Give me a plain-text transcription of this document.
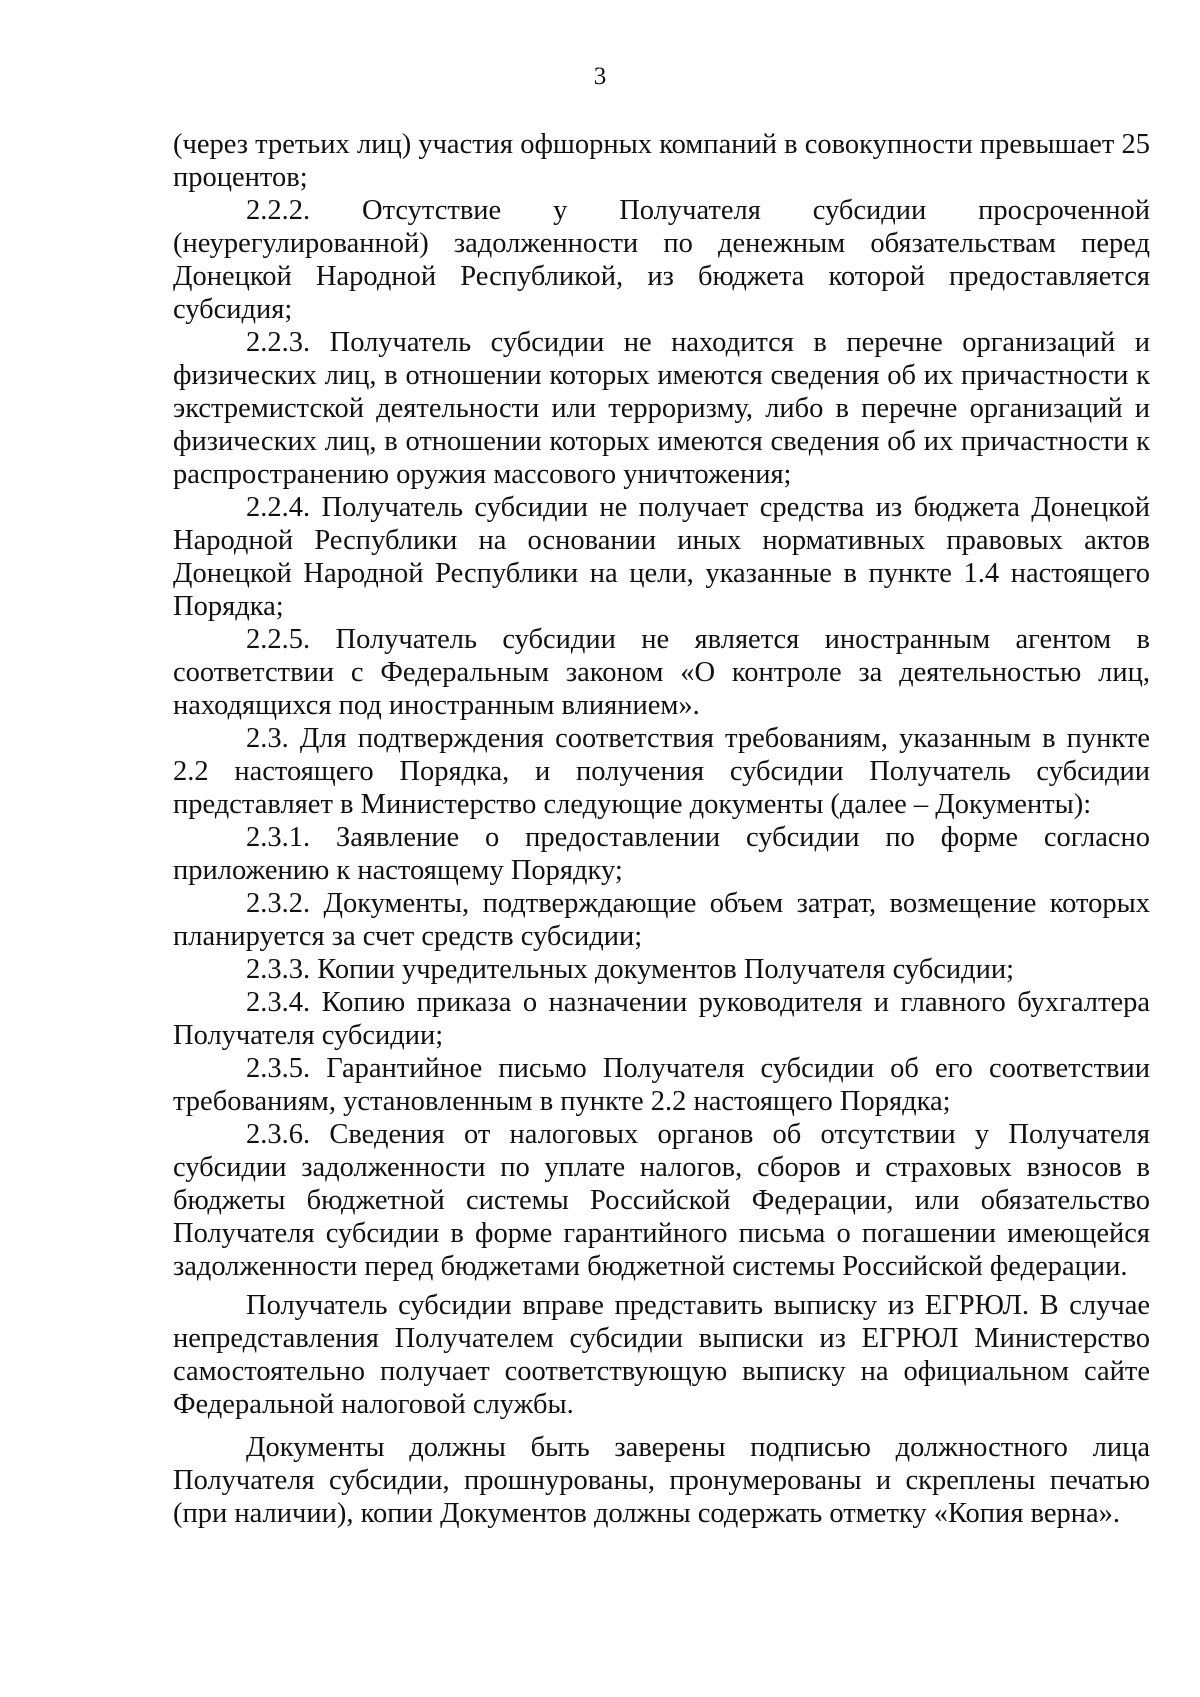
3

(через третьих лиц) участия офшорных компаний в совокупности превышает 25 процентов;

2.2.2. Отсутствие у Получателя субсидии просроченной (неурегулированной) задолженности по денежным обязательствам перед Донецкой Народной Республикой, из бюджета которой предоставляется субсидия;

2.2.3. Получатель субсидии не находится в перечне организаций и физических лиц, в отношении которых имеются сведения об их причастности к экстремистской деятельности или терроризму, либо в перечне организаций и физических лиц, в отношении которых имеются сведения об их причастности к распространению оружия массового уничтожения;

2.2.4. Получатель субсидии не получает средства из бюджета Донецкой Народной Республики на основании иных нормативных правовых актов Донецкой Народной Республики на цели, указанные в пункте 1.4 настоящего Порядка;

2.2.5. Получатель субсидии не является иностранным агентом в соответствии с Федеральным законом «О контроле за деятельностью лиц, находящихся под иностранным влиянием».

2.3. Для подтверждения соответствия требованиям, указанным в пункте 2.2 настоящего Порядка, и получения субсидии Получатель субсидии представляет в Министерство следующие документы (далее – Документы):

2.3.1. Заявление о предоставлении субсидии по форме согласно приложению к настоящему Порядку;

2.3.2. Документы, подтверждающие объем затрат, возмещение которых планируется за счет средств субсидии;

2.3.3. Копии учредительных документов Получателя субсидии;

2.3.4. Копию приказа о назначении руководителя и главного бухгалтера Получателя субсидии;

2.3.5. Гарантийное письмо Получателя субсидии об его соответствии требованиям, установленным в пункте 2.2 настоящего Порядка;

2.3.6. Сведения от налоговых органов об отсутствии у Получателя субсидии задолженности по уплате налогов, сборов и страховых взносов в бюджеты бюджетной системы Российской Федерации, или обязательство Получателя субсидии в форме гарантийного письма о погашении имеющейся задолженности перед бюджетами бюджетной системы Российской федерации.

Получатель субсидии вправе представить выписку из ЕГРЮЛ. В случае непредставления Получателем субсидии выписки из ЕГРЮЛ Министерство самостоятельно получает соответствующую выписку на официальном сайте Федеральной налоговой службы.

Документы должны быть заверены подписью должностного лица Получателя субсидии, прошнурованы, пронумерованы и скреплены печатью (при наличии), копии Документов должны содержать отметку «Копия верна».
